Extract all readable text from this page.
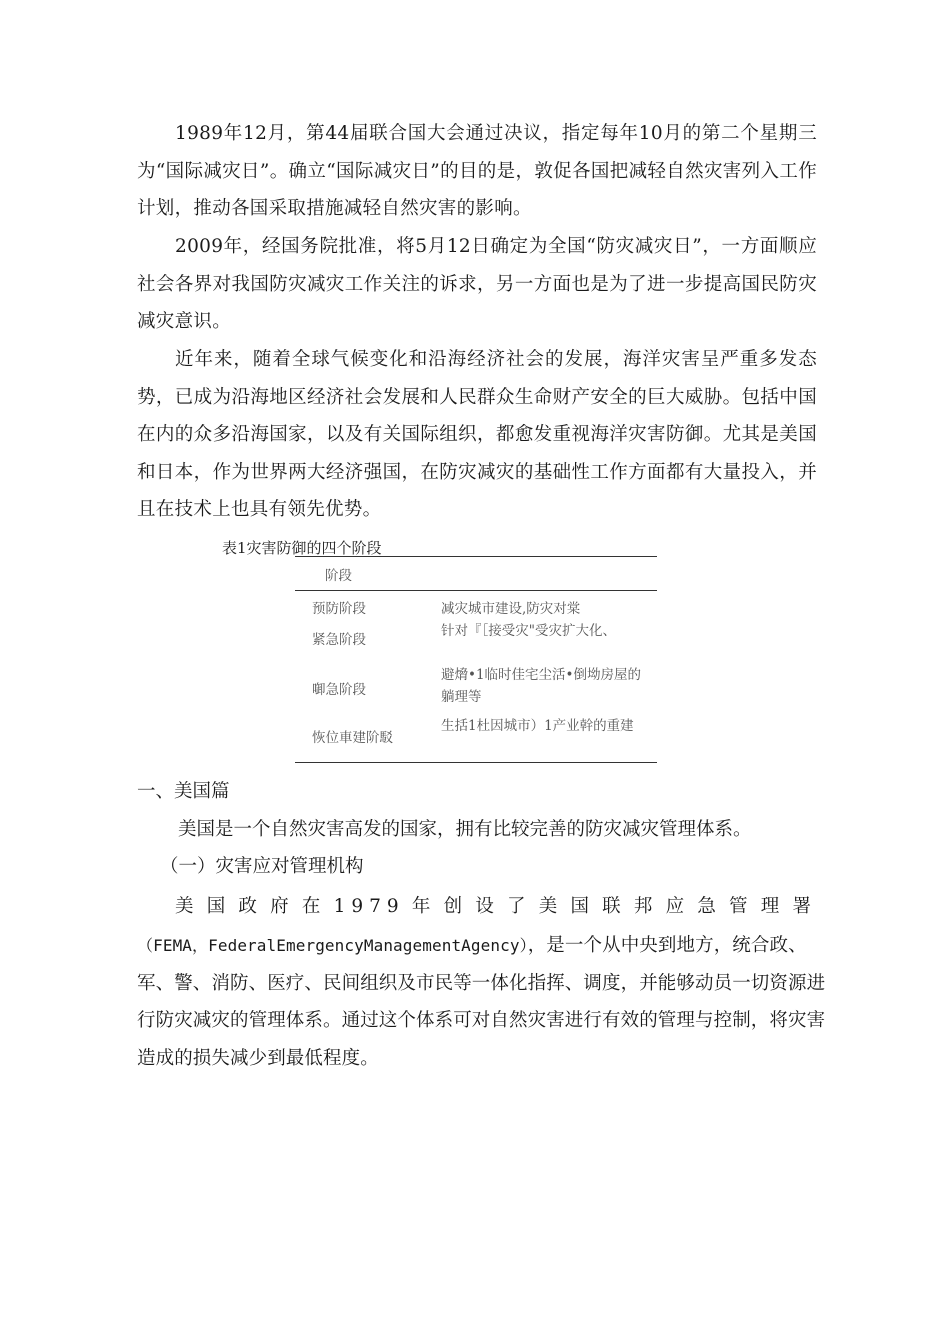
1989年12月，第44届联合国大会通过决议，指定每年10月的第二个星期三为“国际减灾日”。确立“国际减灾日”的目的是，敦促各国把减轻自然灾害列入工作计划，推动各国采取措施减轻自然灾害的影响。

2009年，经国务院批准，将5月12日确定为全国“防灾减灾日”，一方面顺应社会各界对我国防灾减灾工作关注的诉求，另一方面也是为了进一步提高国民防灾减灾意识。

近年来，随着全球气候变化和沿海经济社会的发展，海洋灾害呈严重多发态势，已成为沿海地区经济社会发展和人民群众生命财产安全的巨大威胁。包括中国在内的众多沿海国家，以及有关国际组织，都愈发重视海洋灾害防御。尤其是美国和日本，作为世界两大经济强国，在防灾减灾的基础性工作方面都有大量投入，并且在技术上也具有领先优势。

表1灾害防御的四个阶段
阶段
预防阶段	减灾城市建设,防灾对棠
紧急阶段
针对『［接受灾"受灾扩大化、
啣急阶段
避熁•1临时佳宅尘活•倒坳房屋的躺理等
恢位車建阶駁
生括1杜因城市）1产业幹的重建
一、美国篇
美国是一个自然灾害高发的国家，拥有比较完善的防灾减灾管理体系。
（一）灾害应对管理机构
美国政府在1979年创设了美国联邦应急管理署
（FEMA，FederalEmergencyManagementAgency），是一个从中央到地方，统合政、军、警、消防、医疗、民间组织及市民等一体化指挥、调度，并能够动员一切资源进行防灾减灾的管理体系。通过这个体系可对自然灾害进行有效的管理与控制，将灾害造成的损失减少到最低程度。
